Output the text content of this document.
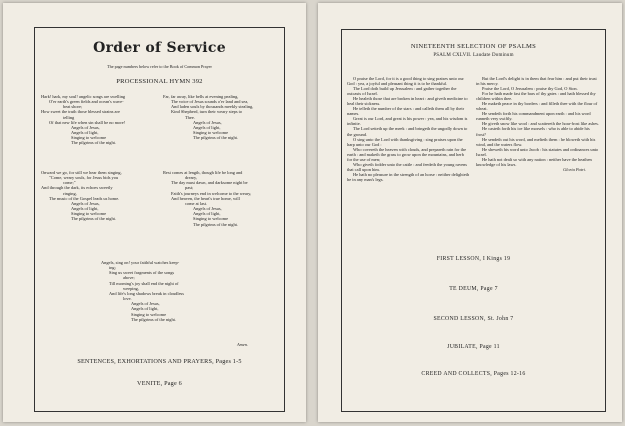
Order of Service
The page numbers below refer to the Book of Common Prayer
PROCESSIONAL HYMN 392
Hark! hark, my soul! angelic songs are swelling
O'er earth's green fields and ocean's wave-
beat shore;
How sweet the truth those blessed strains are
telling
Of that new life when sin shall be no more!
Angels of Jesus,
Angels of light,
Singing to welcome
The pilgrims of the night.
Far, far away, like bells at evening pealing,
The voice of Jesus sounds o'er land and sea,
And laden souls by thousands meekly stealing,
Kind Shepherd, turn their weary steps to
Thee.
Angels of Jesus,
Angels of light,
Singing to welcome
The pilgrims of the night.
Onward we go, for still we hear them singing,
"Come, weary souls, for Jesus bids you
come;"
And through the dark, its echoes sweetly
ringing,
The music of the Gospel leads us home.
Angels of Jesus,
Angels of light,
Singing to welcome
The pilgrims of the night.
Rest comes at length, though life be long and
dreary,
The day must dawn, and darksome night be
past;
Faith's journeys end in welcome to the weary,
And heaven, the heart's true home, will
come at last.
Angels of Jesus,
Angels of light,
Singing to welcome
The pilgrims of the night.
Angels, sing on! your faithful watches keep-
ing;
Sing us sweet fragments of the songs
above;
Till morning's joy shall end the night of
weeping,
And life's long shadows break in cloudless
love.
Angels of Jesus,
Angels of light,
Singing to welcome
The pilgrims of the night.
Amen.
SENTENCES, EXHORTATIONS AND PRAYERS, Pages 1-5
VENITE, Page 6
NINETEENTH SELECTION OF PSALMS
PSALM CXLVII. Laudate Dominum

O praise the Lord, for it is a good thing to sing praises unto our God : yea, a joyful and pleasant thing it is to be thankful.

The Lord doth build up Jerusalem : and gather together the outcasts of Israel.

He healeth those that are broken in heart : and giveth medicine to heal their sickness.

He telleth the number of the stars : and calleth them all by their names.

Great is our Lord, and great is his power : yea, and his wisdom is infinite.

The Lord setteth up the meek : and bringeth the ungodly down to the ground.

O sing unto the Lord with thanksgiving : sing praises upon the harp unto our God :

Who covereth the heaven with clouds, and prepareth rain for the earth : and maketh the grass to grow upon the mountains, and herb for the use of men;

Who giveth fodder unto the cattle : and feedeth the young ravens that call upon him.

He hath no pleasure in the strength of an horse : neither delighteth he in any man's legs.

But the Lord's delight is in them that fear him : and put their trust in his mercy.

Praise the Lord, O Jerusalem : praise thy God, O Sion.

For he hath made fast the bars of thy gates : and hath blessed thy children within thee.

He maketh peace in thy borders : and filleth thee with the flour of wheat.

He sendeth forth his commandment upon earth : and his word runneth very swiftly.

He giveth snow like wool : and scattereth the hoar-frost like ashes.

He casteth forth his ice like morsels : who is able to abide his frost?

He sendeth out his word, and melteth them : he bloweth with his wind, and the waters flow.

He sheweth his word unto Jacob : his statutes and ordinances unto Israel.

He hath not dealt so with any nation : neither have the heathen knowledge of his laws.

Gloria Patri.
FIRST LESSON, I Kings 19
TE DEUM, Page 7
SECOND LESSON, St. John 7
JUBILATE, Page 11
CREED AND COLLECTS, Pages 12-16
